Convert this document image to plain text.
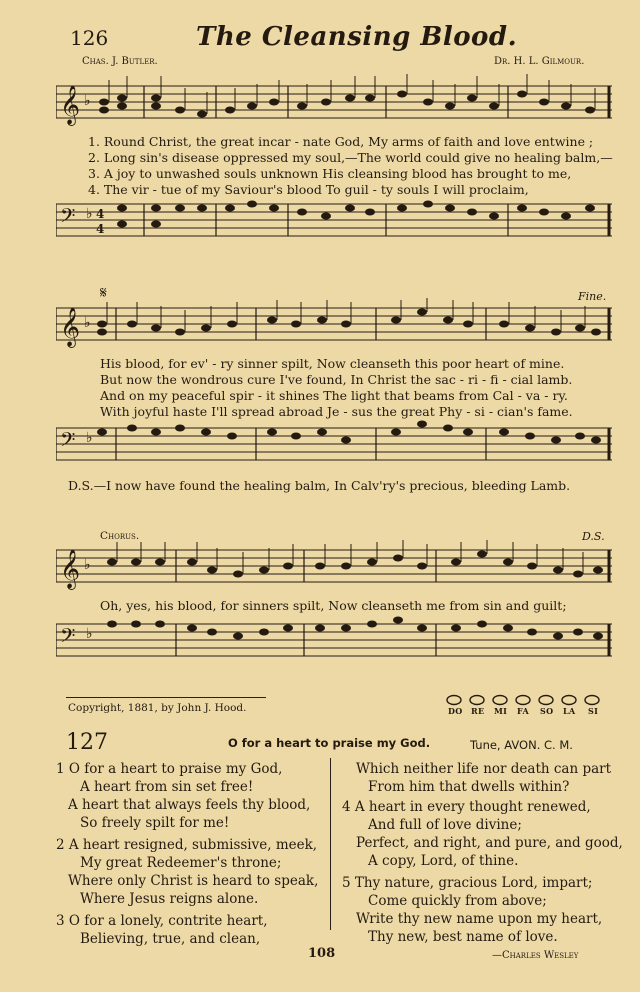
126	The Cleansing Blood.
Chas. J. Butler.	Dr. H. L. Gilmour.
𝄞 ♭
1. Round Christ, the great incar - nate God, My arms of faith and love entwine ;
2. Long sin's disease oppressed my soul,—The world could give no healing balm,—
3. A joy to unwashed souls unknown His cleansing blood has brought to me,
4. The vir - tue of my Saviour's blood To guil - ty souls I will proclaim,
𝄢 ♭ 4
4
𝄋	Fine.
𝄞 ♭
His blood, for ev' - ry sinner spilt, Now cleanseth this poor heart of mine.
But now the wondrous cure I've found, In Christ the sac - ri - fi - cial lamb.
And on my peaceful spir - it shines The light that beams from Cal - va - ry.
With joyful haste I'll spread abroad Je - sus the great Phy - si - cian's fame.
𝄢 ♭
D.S.—I now have found the healing balm, In Calv'ry's precious, bleeding Lamb.
Chorus.	D.S.
𝄞 ♭
Oh, yes, his blood, for sinners spilt, Now cleanseth me from sin and guilt;
𝄢 ♭
Copyright, 1881, by John J. Hood.	DO RE MI FA SO LA SI
127	O for a heart to praise my God.	Tune, AVON. C. M.
1 O for a heart to praise my God,
A heart from sin set free!
A heart that always feels thy blood,
So freely spilt for me!
2 A heart resigned, submissive, meek,
My great Redeemer's throne;
Where only Christ is heard to speak,
Where Jesus reigns alone.
3 O for a lonely, contrite heart,
Believing, true, and clean,
Which neither life nor death can part
From him that dwells within?
4 A heart in every thought renewed,
And full of love divine;
Perfect, and right, and pure, and good,
A copy, Lord, of thine.
5 Thy nature, gracious Lord, impart;
Come quickly from above;
Write thy new name upon my heart,
Thy new, best name of love.
108	—Charles Wesley
